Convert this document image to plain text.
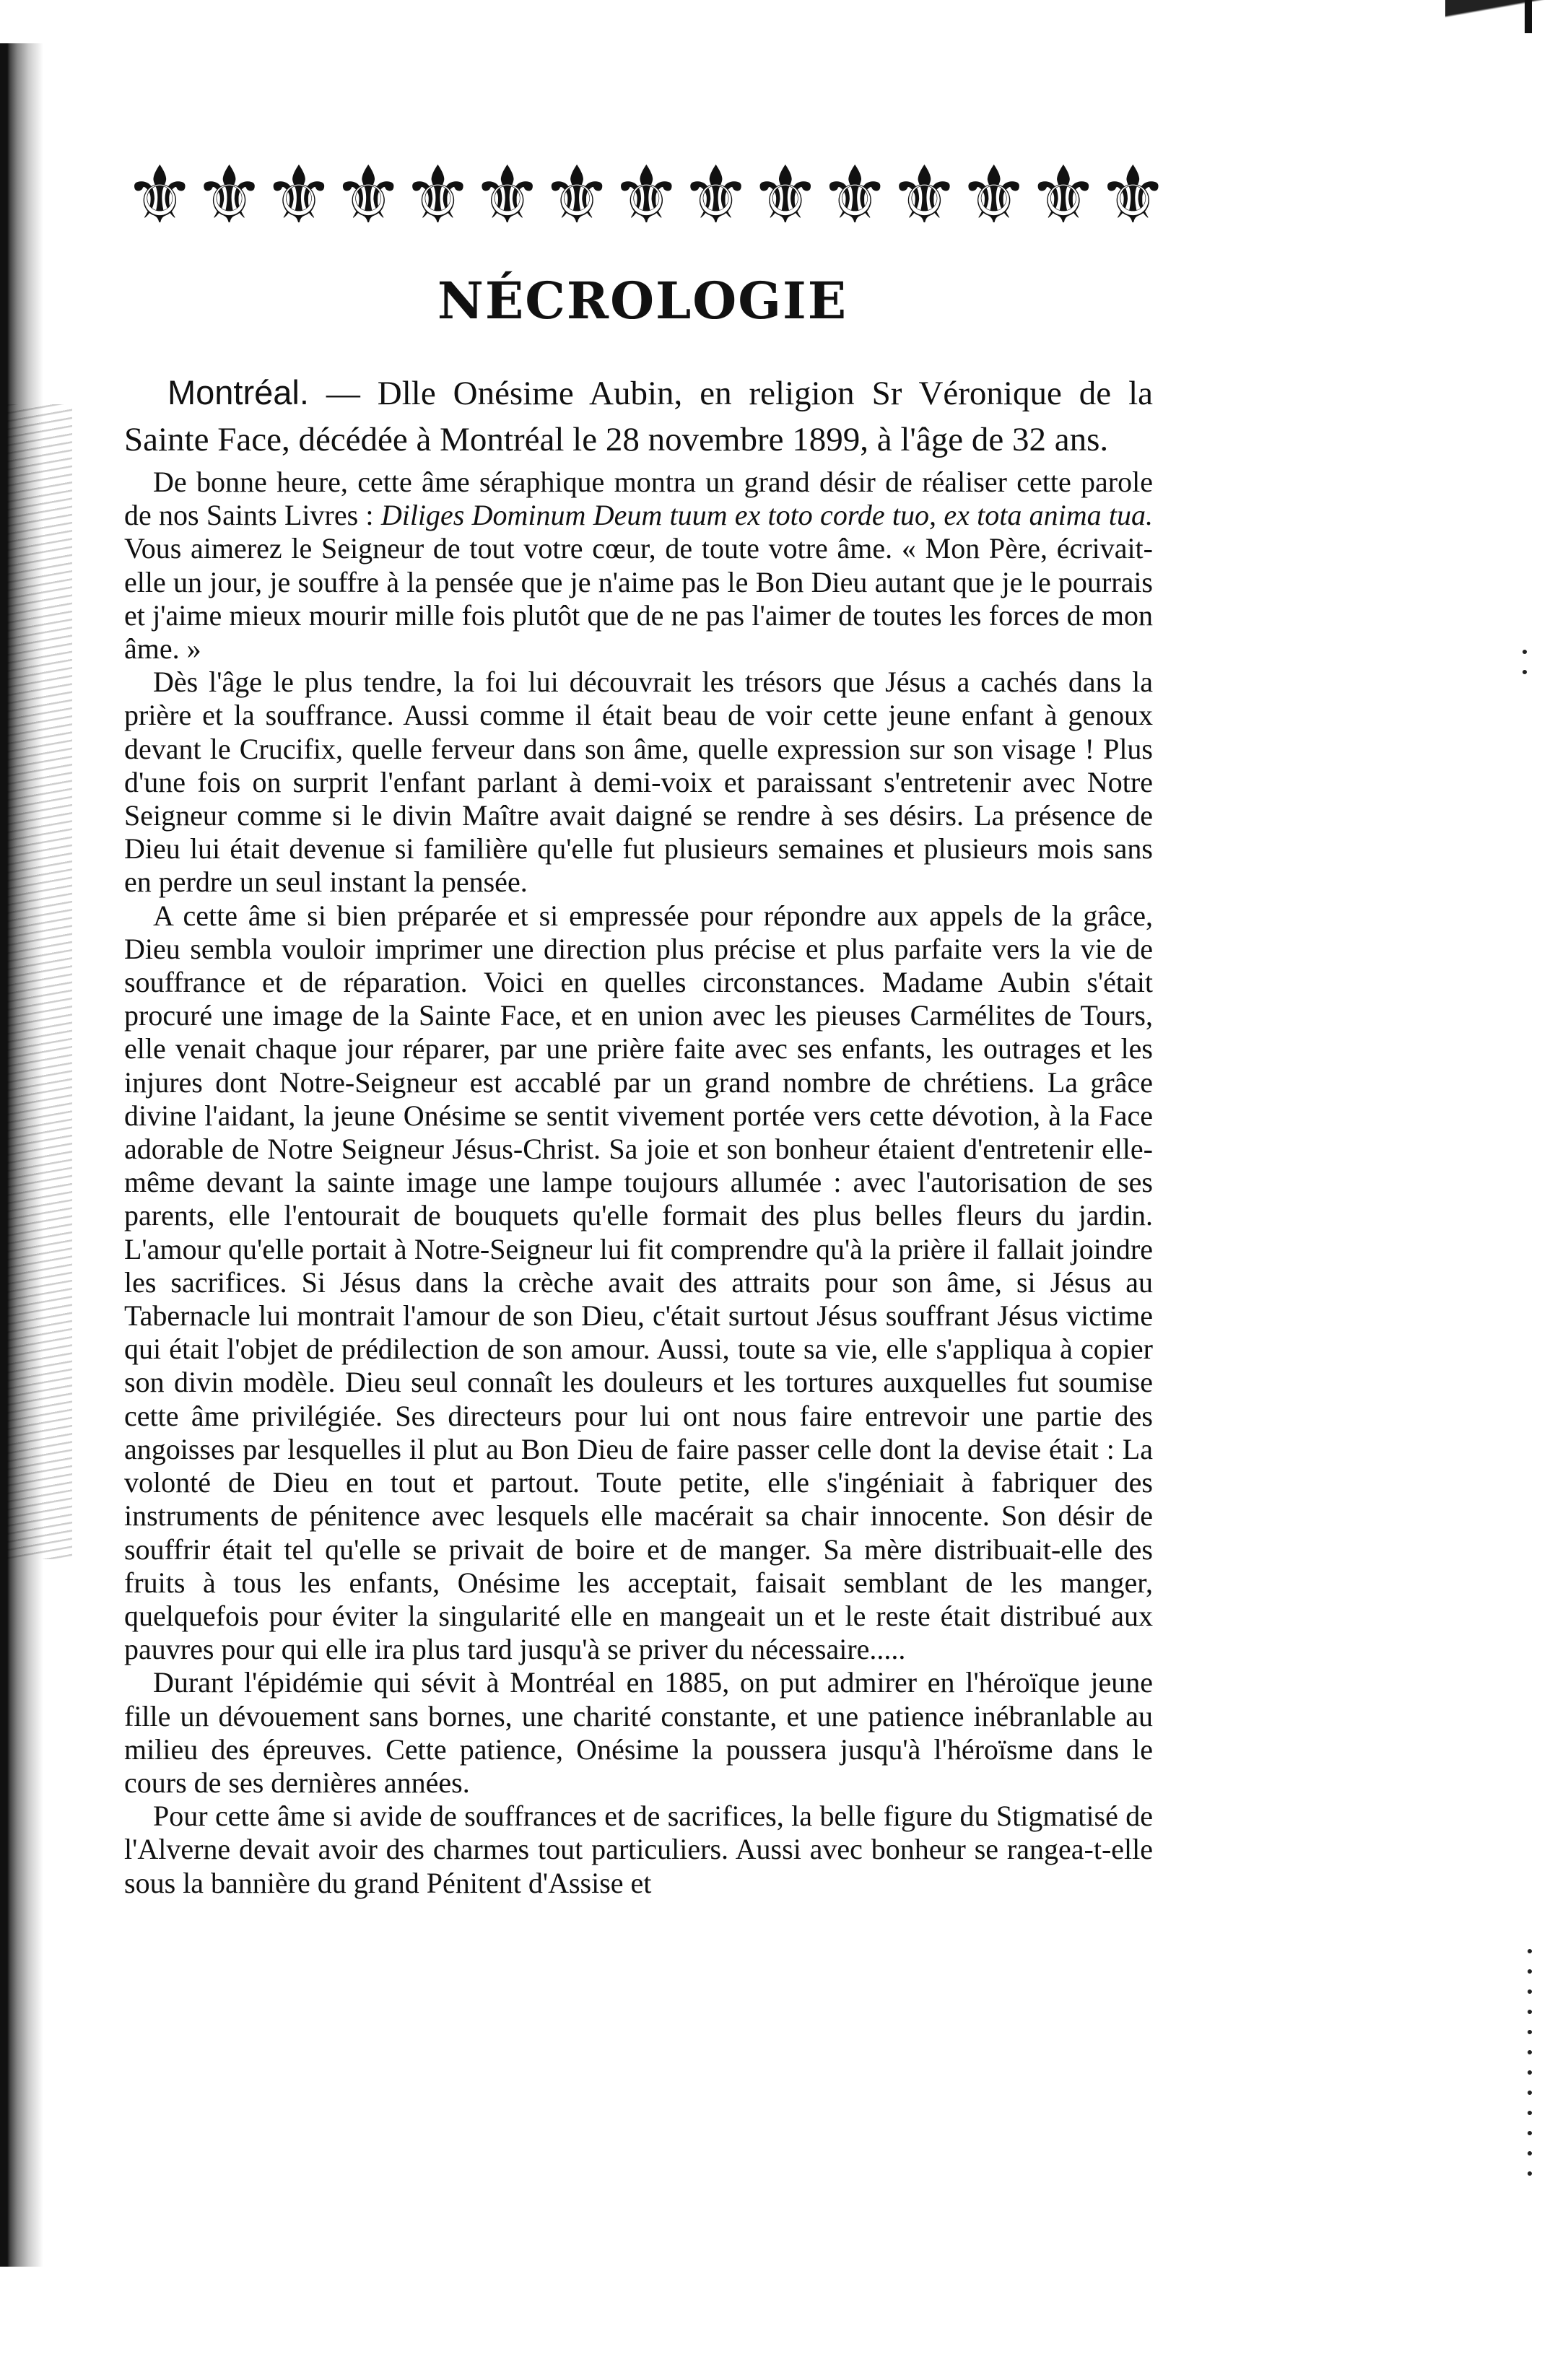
⚜
⚜
⚜
⚜
⚜
⚜
⚜
⚜
⚜
⚜
⚜
⚜
⚜
⚜
⚜
NÉCROLOGIE

Montréal. — Dlle Onésime Aubin, en religion Sr Véronique de la Sainte Face, décédée à Montréal le 28 novembre 1899, à l'âge de 32 ans.

De bonne heure, cette âme séraphique montra un grand désir de réaliser cette parole de nos Saints Livres : Diliges Dominum Deum tuum ex toto corde tuo, ex tota anima tua. Vous aimerez le Seigneur de tout votre cœur, de toute votre âme. « Mon Père, écrivait-elle un jour, je souffre à la pensée que je n'aime pas le Bon Dieu autant que je le pourrais et j'aime mieux mourir mille fois plutôt que de ne pas l'aimer de toutes les forces de mon âme. »

Dès l'âge le plus tendre, la foi lui découvrait les trésors que Jésus a cachés dans la prière et la souffrance. Aussi comme il était beau de voir cette jeune enfant à genoux devant le Crucifix, quelle ferveur dans son âme, quelle expression sur son visage ! Plus d'une fois on surprit l'enfant parlant à demi-voix et paraissant s'entretenir avec Notre Seigneur comme si le divin Maître avait daigné se rendre à ses désirs. La présence de Dieu lui était devenue si familière qu'elle fut plusieurs semaines et plusieurs mois sans en perdre un seul instant la pensée.

A cette âme si bien préparée et si empressée pour répondre aux appels de la grâce, Dieu sembla vouloir imprimer une direction plus précise et plus parfaite vers la vie de souffrance et de réparation. Voici en quelles circonstances. Madame Aubin s'était procuré une image de la Sainte Face, et en union avec les pieuses Carmélites de Tours, elle venait chaque jour réparer, par une prière faite avec ses enfants, les outrages et les injures dont Notre-Seigneur est accablé par un grand nombre de chrétiens. La grâce divine l'aidant, la jeune Onésime se sentit vivement portée vers cette dévotion, à la Face adorable de Notre Seigneur Jésus-Christ. Sa joie et son bonheur étaient d'entretenir elle-même devant la sainte image une lampe toujours allumée : avec l'autorisation de ses parents, elle l'entourait de bouquets qu'elle formait des plus belles fleurs du jardin. L'amour qu'elle portait à Notre-Seigneur lui fit comprendre qu'à la prière il fallait joindre les sacrifices. Si Jésus dans la crèche avait des attraits pour son âme, si Jésus au Tabernacle lui montrait l'amour de son Dieu, c'était surtout Jésus souffrant Jésus victime qui était l'objet de prédilection de son amour. Aussi, toute sa vie, elle s'appliqua à copier son divin modèle. Dieu seul connaît les douleurs et les tortures auxquelles fut soumise cette âme privilégiée. Ses directeurs pour lui ont nous faire entrevoir une partie des angoisses par lesquelles il plut au Bon Dieu de faire passer celle dont la devise était : La volonté de Dieu en tout et partout. Toute petite, elle s'ingéniait à fabriquer des instruments de pénitence avec lesquels elle macérait sa chair innocente. Son désir de souffrir était tel qu'elle se privait de boire et de manger. Sa mère distribuait-elle des fruits à tous les enfants, Onésime les acceptait, faisait semblant de les manger, quelquefois pour éviter la singularité elle en mangeait un et le reste était distribué aux pauvres pour qui elle ira plus tard jusqu'à se priver du nécessaire.....

Durant l'épidémie qui sévit à Montréal en 1885, on put admirer en l'héroïque jeune fille un dévouement sans bornes, une charité constante, et une patience inébranlable au milieu des épreuves. Cette patience, Onésime la poussera jusqu'à l'héroïsme dans le cours de ses dernières années.

Pour cette âme si avide de souffrances et de sacrifices, la belle figure du Stigmatisé de l'Alverne devait avoir des charmes tout particuliers. Aussi avec bonheur se rangea-t-elle sous la bannière du grand Pénitent d'Assise et
